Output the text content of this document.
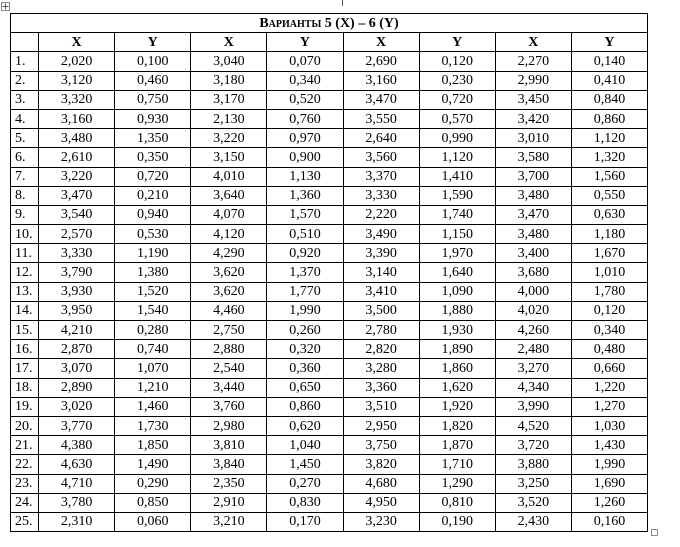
Варианты 5 (X) – 6 (Y)								
	X	Y	X	Y	X	Y	X	Y
1.	2,020	0,100	3,040	0,070	2,690	0,120	2,270	0,140
2.	3,120	0,460	3,180	0,340	3,160	0,230	2,990	0,410
3.	3,320	0,750	3,170	0,520	3,470	0,720	3,450	0,840
4.	3,160	0,930	2,130	0,760	3,550	0,570	3,420	0,860
5.	3,480	1,350	3,220	0,970	2,640	0,990	3,010	1,120
6.	2,610	0,350	3,150	0,900	3,560	1,120	3,580	1,320
7.	3,220	0,720	4,010	1,130	3,370	1,410	3,700	1,560
8.	3,470	0,210	3,640	1,360	3,330	1,590	3,480	0,550
9.	3,540	0,940	4,070	1,570	2,220	1,740	3,470	0,630
10.	2,570	0,530	4,120	0,510	3,490	1,150	3,480	1,180
11.	3,330	1,190	4,290	0,920	3,390	1,970	3,400	1,670
12.	3,790	1,380	3,620	1,370	3,140	1,640	3,680	1,010
13.	3,930	1,520	3,620	1,770	3,410	1,090	4,000	1,780
14.	3,950	1,540	4,460	1,990	3,500	1,880	4,020	0,120
15.	4,210	0,280	2,750	0,260	2,780	1,930	4,260	0,340
16.	2,870	0,740	2,880	0,320	2,820	1,890	2,480	0,480
17.	3,070	1,070	2,540	0,360	3,280	1,860	3,270	0,660
18.	2,890	1,210	3,440	0,650	3,360	1,620	4,340	1,220
19.	3,020	1,460	3,760	0,860	3,510	1,920	3,990	1,270
20.	3,770	1,730	2,980	0,620	2,950	1,820	4,520	1,030
21.	4,380	1,850	3,810	1,040	3,750	1,870	3,720	1,430
22.	4,630	1,490	3,840	1,450	3,820	1,710	3,880	1,990
23.	4,710	0,290	2,350	0,270	4,680	1,290	3,250	1,690
24.	3,780	0,850	2,910	0,830	4,950	0,810	3,520	1,260
25.	2,310	0,060	3,210	0,170	3,230	0,190	2,430	0,160
